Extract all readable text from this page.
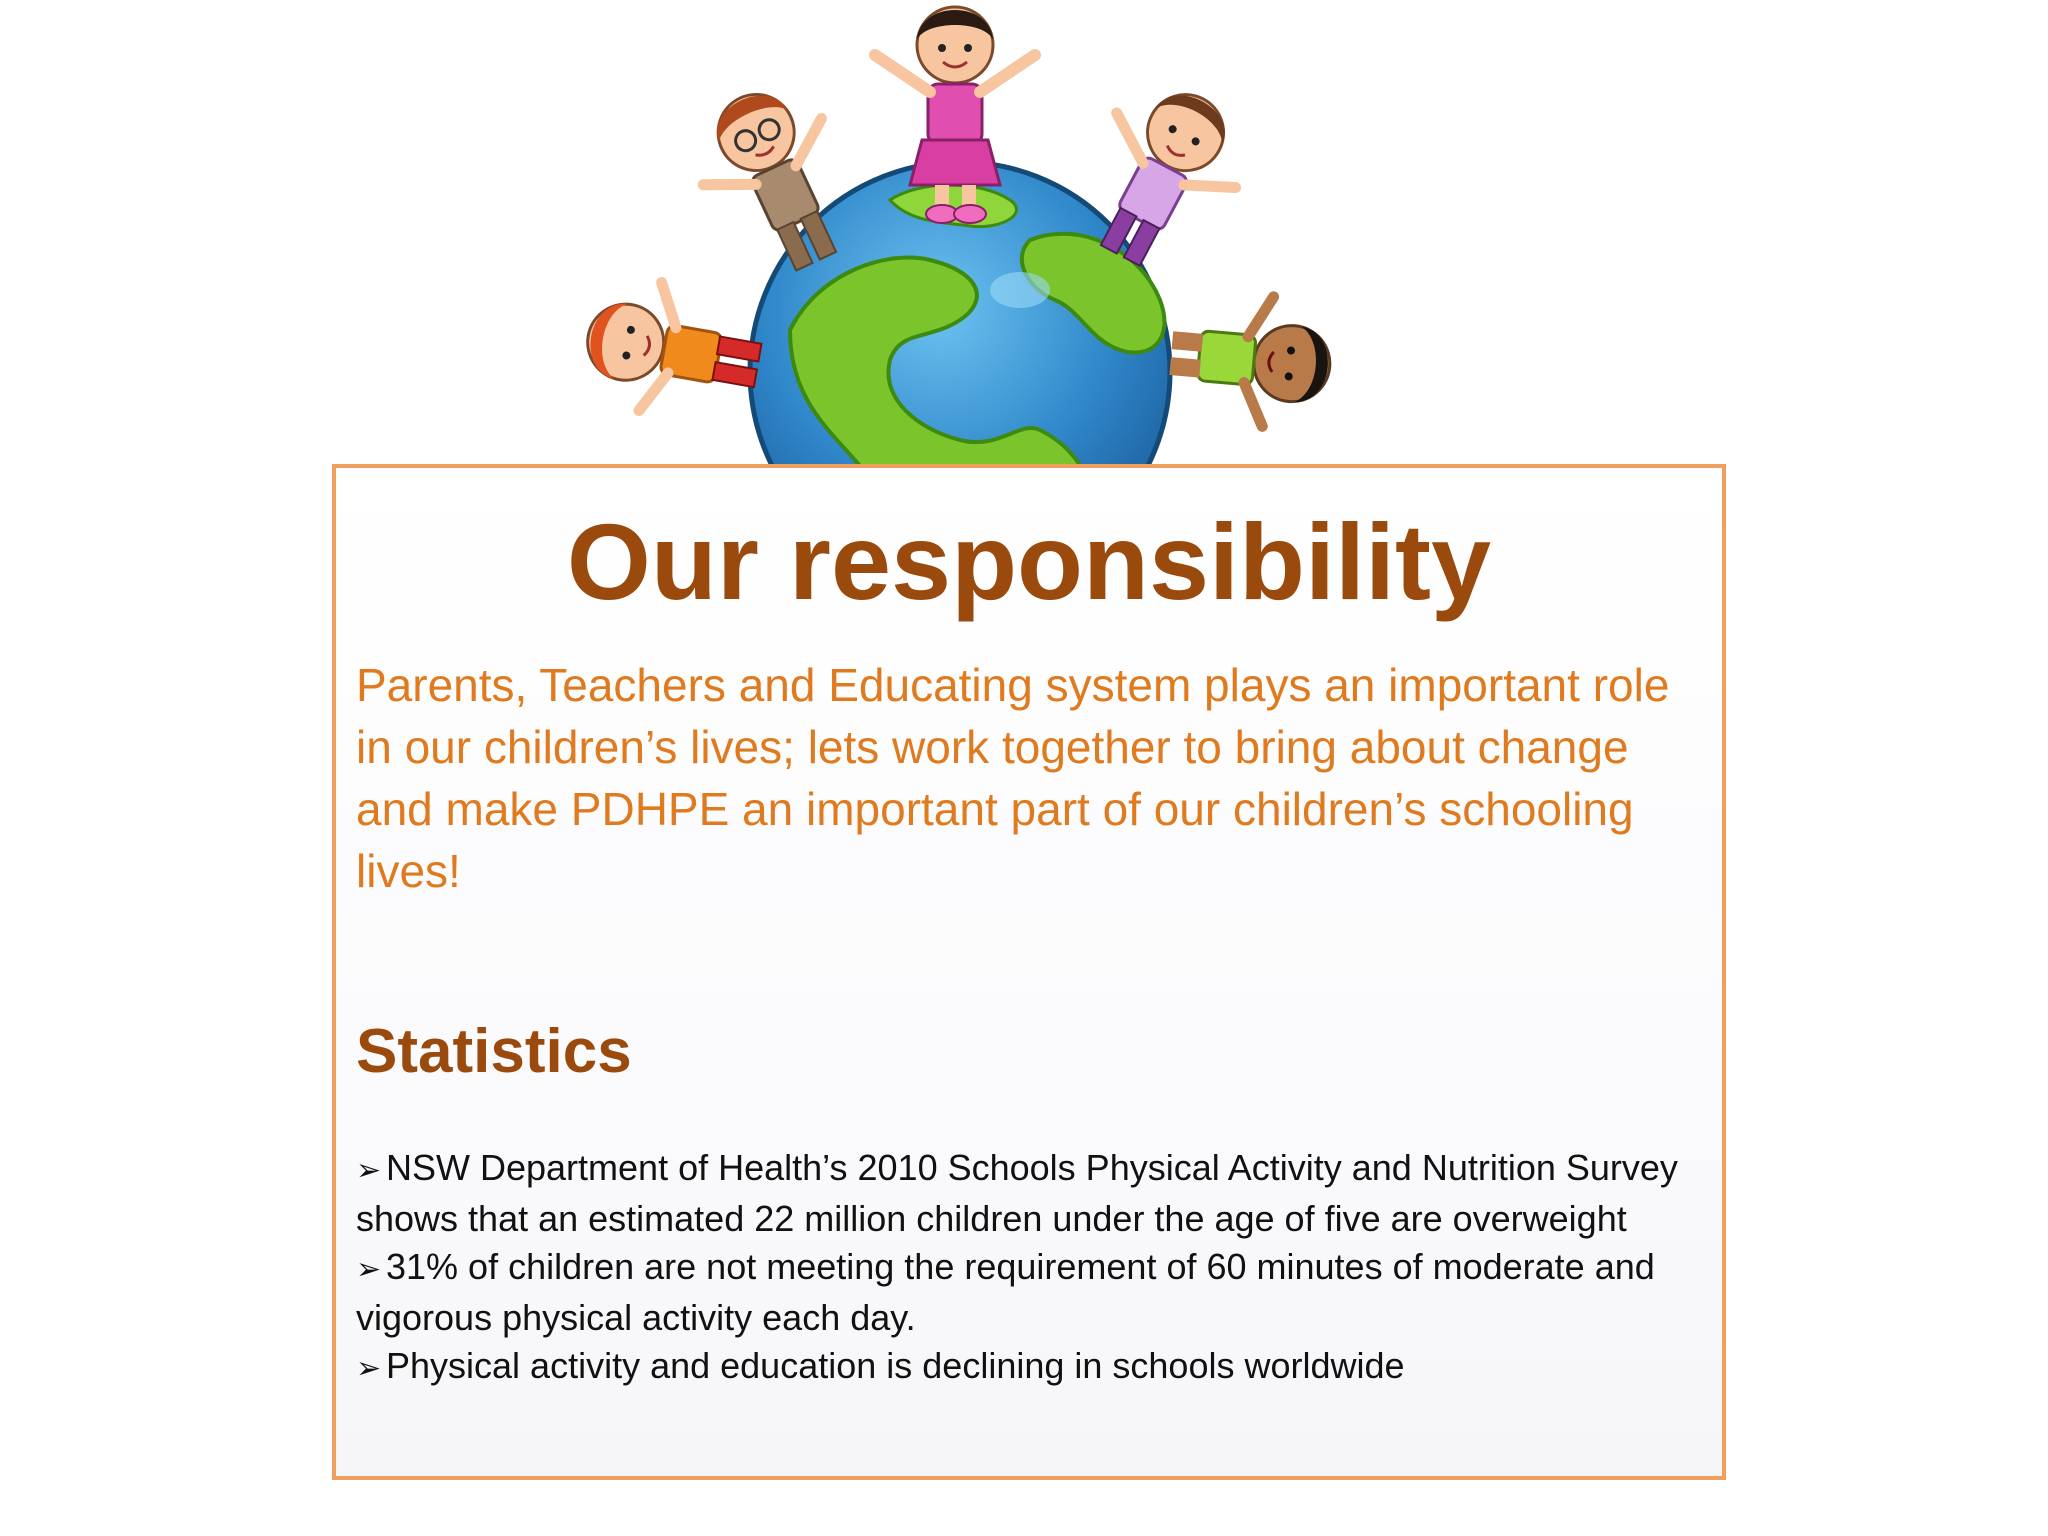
Our responsibility

Parents, Teachers and Educating system plays an important role in our children’s lives; lets work together to bring about change and make PDHPE an important part of our children’s schooling lives!

Statistics
➢ NSW Department of Health’s 2010 Schools Physical Activity and Nutrition Survey shows that an estimated 22 million children under the age of five are overweight
➢ 31% of children are not meeting the requirement of 60 minutes of moderate and vigorous physical activity each day.
➢ Physical activity and education is declining in schools worldwide
